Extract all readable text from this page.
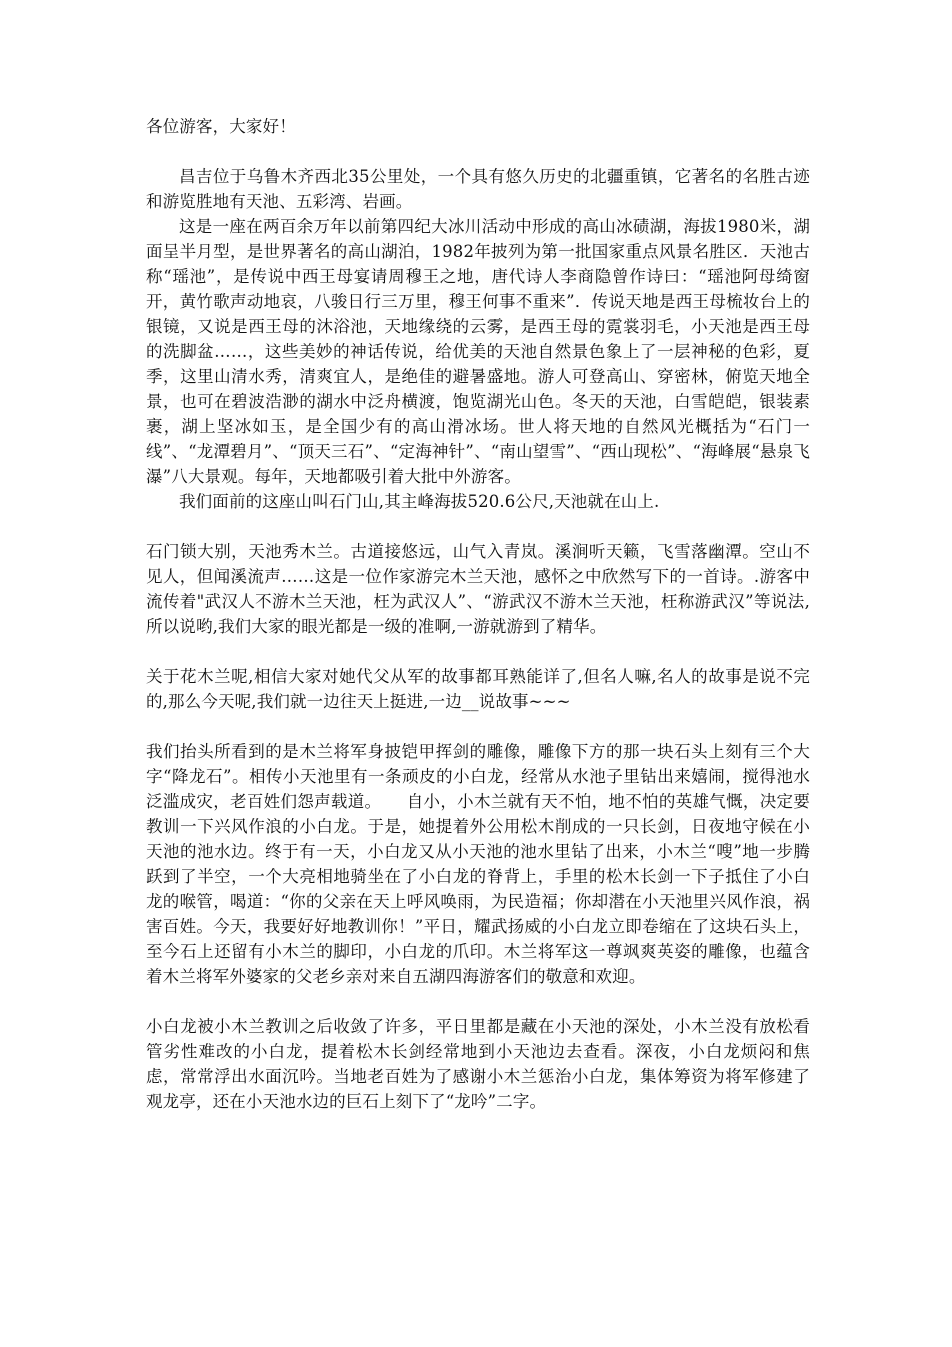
各位游客，大家好！

昌吉位于乌鲁木齐西北35公里处，一个具有悠久历史的北疆重镇，它著名的名胜古迹和游览胜地有天池、五彩湾、岩画。

这是一座在两百余万年以前第四纪大冰川活动中形成的高山冰碛湖，海拔1980米，湖面呈半月型，是世界著名的高山湖泊，1982年披列为第一批国家重点风景名胜区．天池古称“瑶池”，是传说中西王母宴请周穆王之地，唐代诗人李商隐曾作诗曰：“瑶池阿母绮窗开，黄竹歌声动地哀，八骏日行三万里，穆王何事不重来”．传说天地是西王母梳妆台上的银镜，又说是西王母的沐浴池，天地缘绕的云雾，是西王母的霓裳羽毛，小天池是西王母的洗脚盆……，这些美妙的神话传说，给优美的天池自然景色象上了一层神秘的色彩，夏季，这里山清水秀，清爽宜人，是绝佳的避暑盛地。游人可登高山、穿密林，俯览天地全景，也可在碧波浩渺的湖水中泛舟横渡，饱览湖光山色。冬天的天池，白雪皑皑，银装素裹，湖上坚冰如玉，是全国少有的高山滑冰场。世人将天地的自然风光概括为“石门一线”、“龙潭碧月”、“顶天三石”、“定海神针”、“南山望雪”、“西山现松”、“海峰展“悬泉飞瀑”八大景观。每年，天地都吸引着大批中外游客。

我们面前的这座山叫石门山,其主峰海拔520.6公尺,天池就在山上.

石门锁大别，天池秀木兰。古道接悠远，山气入青岚。溪涧听天籁，飞雪落幽潭。空山不见人，但闻溪流声……这是一位作家游完木兰天池，感怀之中欣然写下的一首诗。.游客中流传着"武汉人不游木兰天池，枉为武汉人”、“游武汉不游木兰天池，枉称游武汉”等说法,所以说哟,我们大家的眼光都是一级的准啊,一游就游到了精华。

关于花木兰呢,相信大家对她代父从军的故事都耳熟能详了,但名人嘛,名人的故事是说不完的,那么今天呢,我们就一边往天上挺进,一边__说故事~~~

我们抬头所看到的是木兰将军身披铠甲挥剑的雕像，雕像下方的那一块石头上刻有三个大字“降龙石”。相传小天池里有一条顽皮的小白龙，经常从水池子里钻出来嬉闹，搅得池水泛滥成灾，老百姓们怨声载道。　　自小，小木兰就有天不怕，地不怕的英雄气慨，决定要教训一下兴风作浪的小白龙。于是，她提着外公用松木削成的一只长剑，日夜地守候在小天池的池水边。终于有一天，小白龙又从小天池的池水里钻了出来，小木兰“嗖”地一步腾跃到了半空，一个大亮相地骑坐在了小白龙的脊背上，手里的松木长剑一下子抵住了小白龙的喉管，喝道：“你的父亲在天上呼风唤雨，为民造福；你却潜在小天池里兴风作浪，祸害百姓。今天，我要好好地教训你！”平日，耀武扬威的小白龙立即卷缩在了这块石头上，至今石上还留有小木兰的脚印，小白龙的爪印。木兰将军这一尊飒爽英姿的雕像，也蕴含着木兰将军外婆家的父老乡亲对来自五湖四海游客们的敬意和欢迎。

小白龙被小木兰教训之后收敛了许多，平日里都是藏在小天池的深处，小木兰没有放松看管劣性难改的小白龙，提着松木长剑经常地到小天池边去查看。深夜，小白龙烦闷和焦虑，常常浮出水面沉吟。当地老百姓为了感谢小木兰惩治小白龙，集体筹资为将军修建了观龙亭，还在小天池水边的巨石上刻下了“龙吟”二字。
